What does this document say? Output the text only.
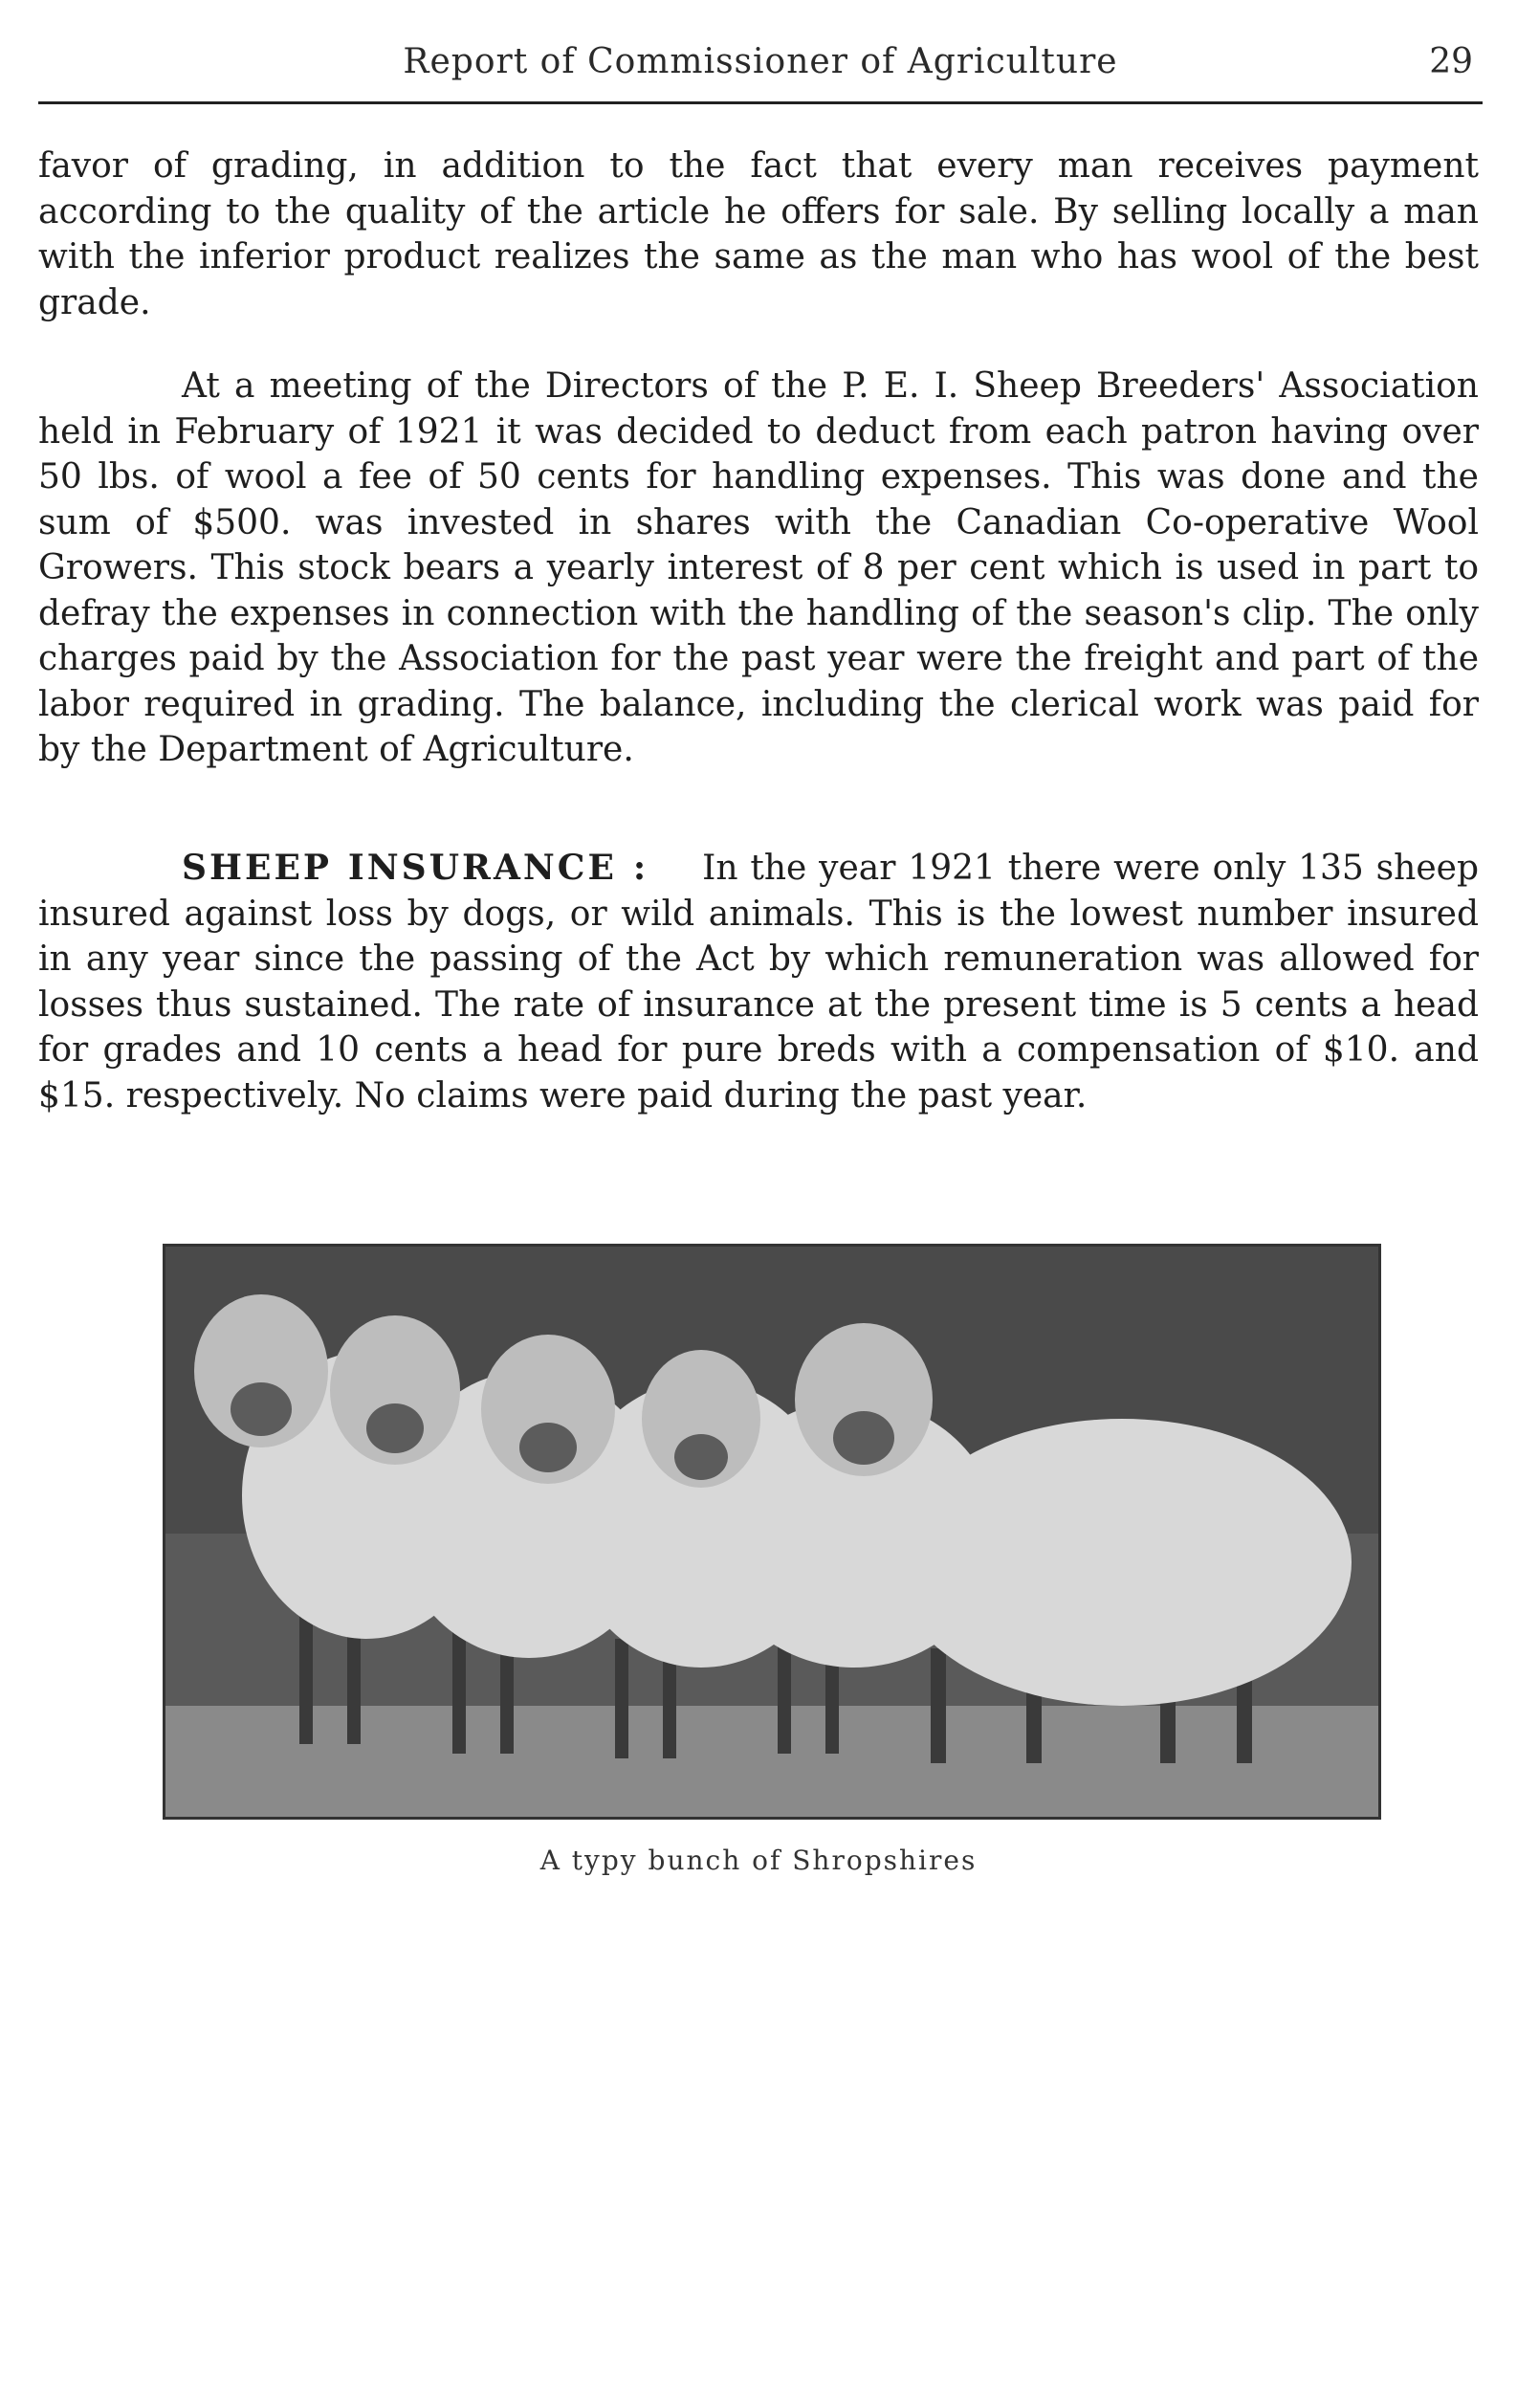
Report of Commissioner of Agriculture	29

favor of grading, in addition to the fact that every man receives payment according to the quality of the article he offers for sale. By selling locally a man with the inferior product realizes the same as the man who has wool of the best grade.

At a meeting of the Directors of the P. E. I. Sheep Breeders' Association held in February of 1921 it was decided to deduct from each patron having over 50 lbs. of wool a fee of 50 cents for handling expenses. This was done and the sum of $500. was invested in shares with the Canadian Co-operative Wool Growers. This stock bears a yearly interest of 8 per cent which is used in part to defray the expenses in connection with the handling of the season's clip. The only charges paid by the Association for the past year were the freight and part of the labor required in grading. The balance, including the clerical work was paid for by the Department of Agriculture.

SHEEP INSURANCE : In the year 1921 there were only 135 sheep insured against loss by dogs, or wild animals. This is the lowest number insured in any year since the passing of the Act by which remuneration was allowed for losses thus sustained. The rate of insurance at the present time is 5 cents a head for grades and 10 cents a head for pure breds with a compensation of $10. and $15. respectively. No claims were paid during the past year.

A typy bunch of Shropshires
